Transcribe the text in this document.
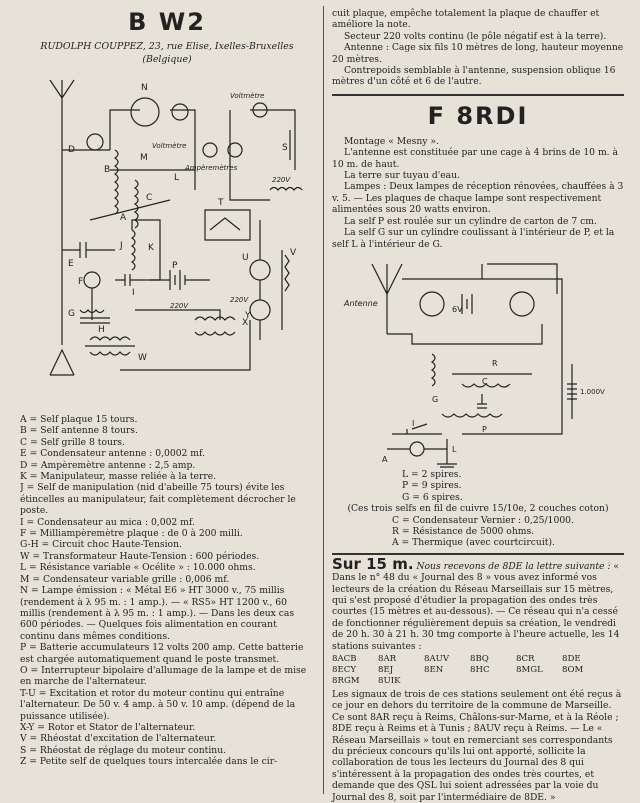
B W2
RUDOLPH COUPPEZ, 23, rue Elise, Ixelles-Bruxelles
(Belgique)
N
D
B
C
M
L
A
E
J	K
I
F
G
H
P
T
U
X
W
Y
S
V
Voltmètre
Voltmètre
Ampèremètres
220V
220V
220V
A = Self plaque 15 tours.
B = Self antenne 8 tours.
C = Self grille 8 tours.
E = Condensateur antenne : 0,0002 mf.
D = Ampèremètre antenne : 2,5 amp.
K = Manipulateur, masse reliée à la terre.
J = Self de manipulation (nid d'abeille 75 tours) évite les étincelles au manipulateur, fait complètement décrocher le poste.
I = Condensateur au mica : 0,002 mf.
F = Milliampèremètre plaque : de 0 à 200 milli.
G-H = Circuit choc Haute-Tension.
W = Transformateur Haute-Tension : 600 périodes.
L = Résistance variable « Océlite » : 10.000 ohms.
M = Condensateur variable grille : 0,006 mf.
N = Lampe émission : « Métal E6 » HT 3000 v., 75 millis (rendement à λ 95 m. : 1 amp.). — « RS5» HT 1200 v., 60 millis (rendement à λ 95 m. : 1 amp.). — Dans les deux cas 600 périodes. — Quelques fois alimentation en courant continu dans mêmes conditions.
P = Batterie accumulateurs 12 volts 200 amp. Cette batterie est chargée automatiquement quand le poste transmet.
O = Interrupteur bipolaire d'allumage de la lampe et de mise en marche de l'alternateur.
T-U = Excitation et rotor du moteur continu qui entraîne l'alternateur. De 50 v. 4 amp. à 50 v. 10 amp. (dépend de la puissance utilisée).
X-Y = Rotor et Stator de l'alternateur.
V = Rhéostat d'excitation de l'alternateur.
S = Rhéostat de réglage du moteur continu.
Z = Petite self de quelques tours intercalée dans le cir-

cuit plaque, empêche totalement la plaque de chauffer et améliore la note.

Secteur 220 volts continu (le pôle négatif est à la terre).

Antenne : Cage six fils 10 mètres de long, hauteur moyenne 20 mètres.

Contrepoids semblable à l'antenne, suspension oblique 16 mètres d'un côté et 6 de l'autre.

F 8RDI

Montage « Mesny ».

L'antenne est constituée par une cage à 4 brins de 10 m. à 10 m. de haut.

La terre sur tuyau d'eau.

Lampes : Deux lampes de réception rénovées, chauffées à 3 v. 5. — Les plaques de chaque lampe sont respectivement alimentées sous 20 watts environ.

La self P est roulée sur un cylindre de carton de 7 cm.

La self G sur un cylindre coulissant à l'intérieur de P, et la self L à l'intérieur de G.

Antenne
6V
R
C
G
P
I
A
L
1.000V
L = 2 spires.
P = 9 spires.
G = 6 spires.
(Ces trois selfs en fil de cuivre 15/10e, 2 couches coton)
C = Condensateur Vernier : 0,25/1000.
R = Résistance de 5000 ohms.
A = Thermique (avec courtcircuit).

Sur 15 m. Nous recevons de 8DE la lettre suivante : « Dans le n° 48 du « Journal des 8 » vous avez informé vos lecteurs de la création du Réseau Marseillais sur 15 mètres, qui s'est proposé d'étudier la propagation des ondes très courtes (15 mètres et au-dessous). — Ce réseau qui n'a cessé de fonctionner régulièrement depuis sa création, le vendredi de 20 h. 30 à 21 h. 30 tmg comporte à l'heure actuelle, les 14 stations suivantes :

8ACB 8AR	8AUV 8BQ	8CR	8DE
8ECY	8EJ	8EN	8HC	8MGL 8OM
8RGM 8UIK

Les signaux de trois de ces stations seulement ont été reçus à ce jour en dehors du territoire de la commune de Marseille. Ce sont 8AR reçu à Reims, Châlons-sur-Marne, et à la Réole ; 8DE reçu à Reims et à Tunis ; 8AUV reçu à Reims. — Le « Réseau Marseillais » tout en remerciant ses correspondants du précieux concours qu'ils lui ont apporté, sollicite la collaboration de tous les lecteurs du Journal des 8 qui s'intéressent à la propagation des ondes très courtes, et demande que des QSL lui soient adressées par la voie du Journal des 8, soit par l'intermédiaire de 8DE. »
